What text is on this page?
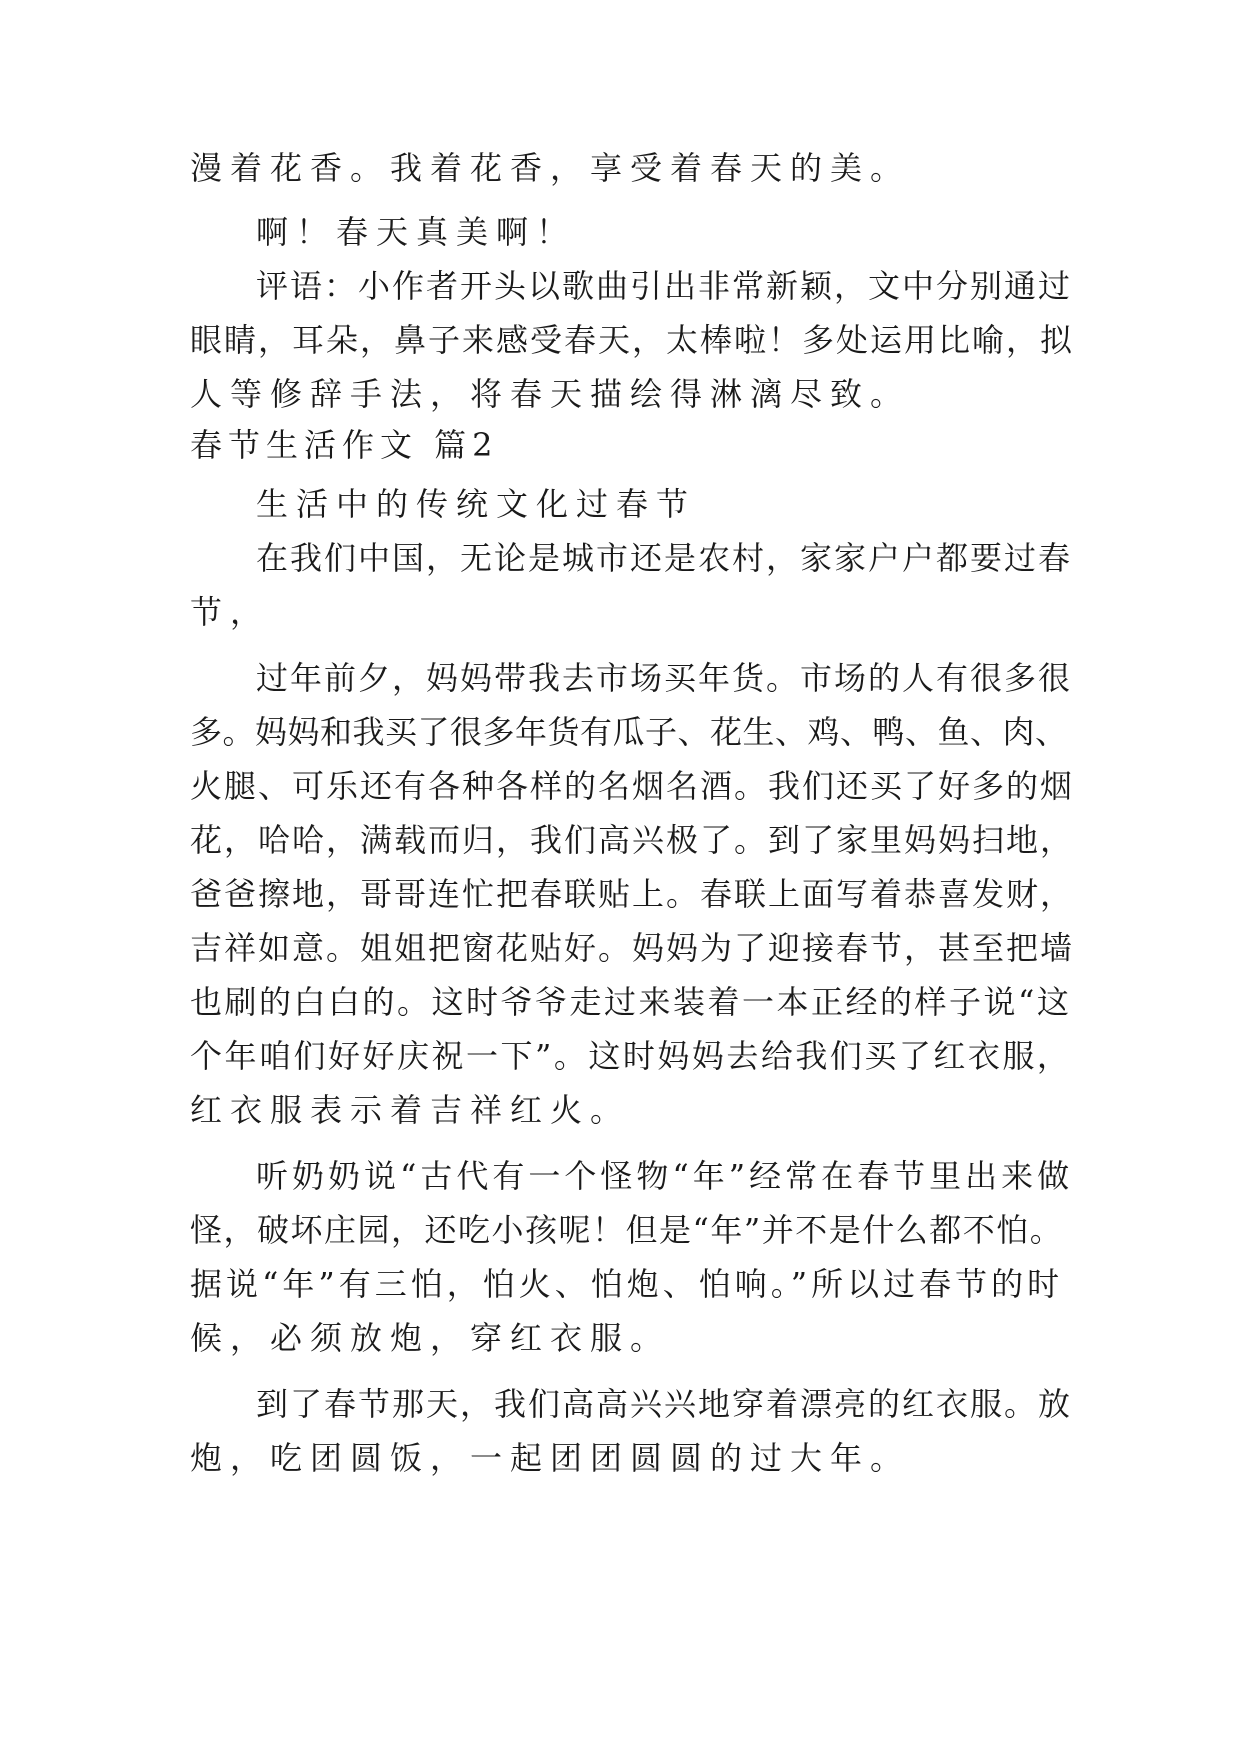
漫着花香。我着花香，享受着春天的美。
啊！春天真美啊！
评语：小作者开头以歌曲引出非常新颖，文中分别通过
眼睛，耳朵，鼻子来感受春天，太棒啦！多处运用比喻，拟
人等修辞手法，将春天描绘得淋漓尽致。
春节生活作文 篇2
生活中的传统文化过春节
在我们中国，无论是城市还是农村，家家户户都要过春
节，
过年前夕，妈妈带我去市场买年货。市场的人有很多很
多。妈妈和我买了很多年货有瓜子、花生、鸡、鸭、鱼、肉、
火腿、可乐还有各种各样的名烟名酒。我们还买了好多的烟
花，哈哈，满载而归，我们高兴极了。到了家里妈妈扫地，
爸爸擦地，哥哥连忙把春联贴上。春联上面写着恭喜发财，
吉祥如意。姐姐把窗花贴好。妈妈为了迎接春节，甚至把墙
也刷的白白的。这时爷爷走过来装着一本正经的样子说“这
个年咱们好好庆祝一下”。这时妈妈去给我们买了红衣服，
红衣服表示着吉祥红火。
听奶奶说“古代有一个怪物“年”经常在春节里出来做
怪，破坏庄园，还吃小孩呢！但是“年”并不是什么都不怕。
据说“年”有三怕，怕火、怕炮、怕响。”所以过春节的时
候，必须放炮，穿红衣服。
到了春节那天，我们高高兴兴地穿着漂亮的红衣服。放
炮，吃团圆饭，一起团团圆圆的过大年。
